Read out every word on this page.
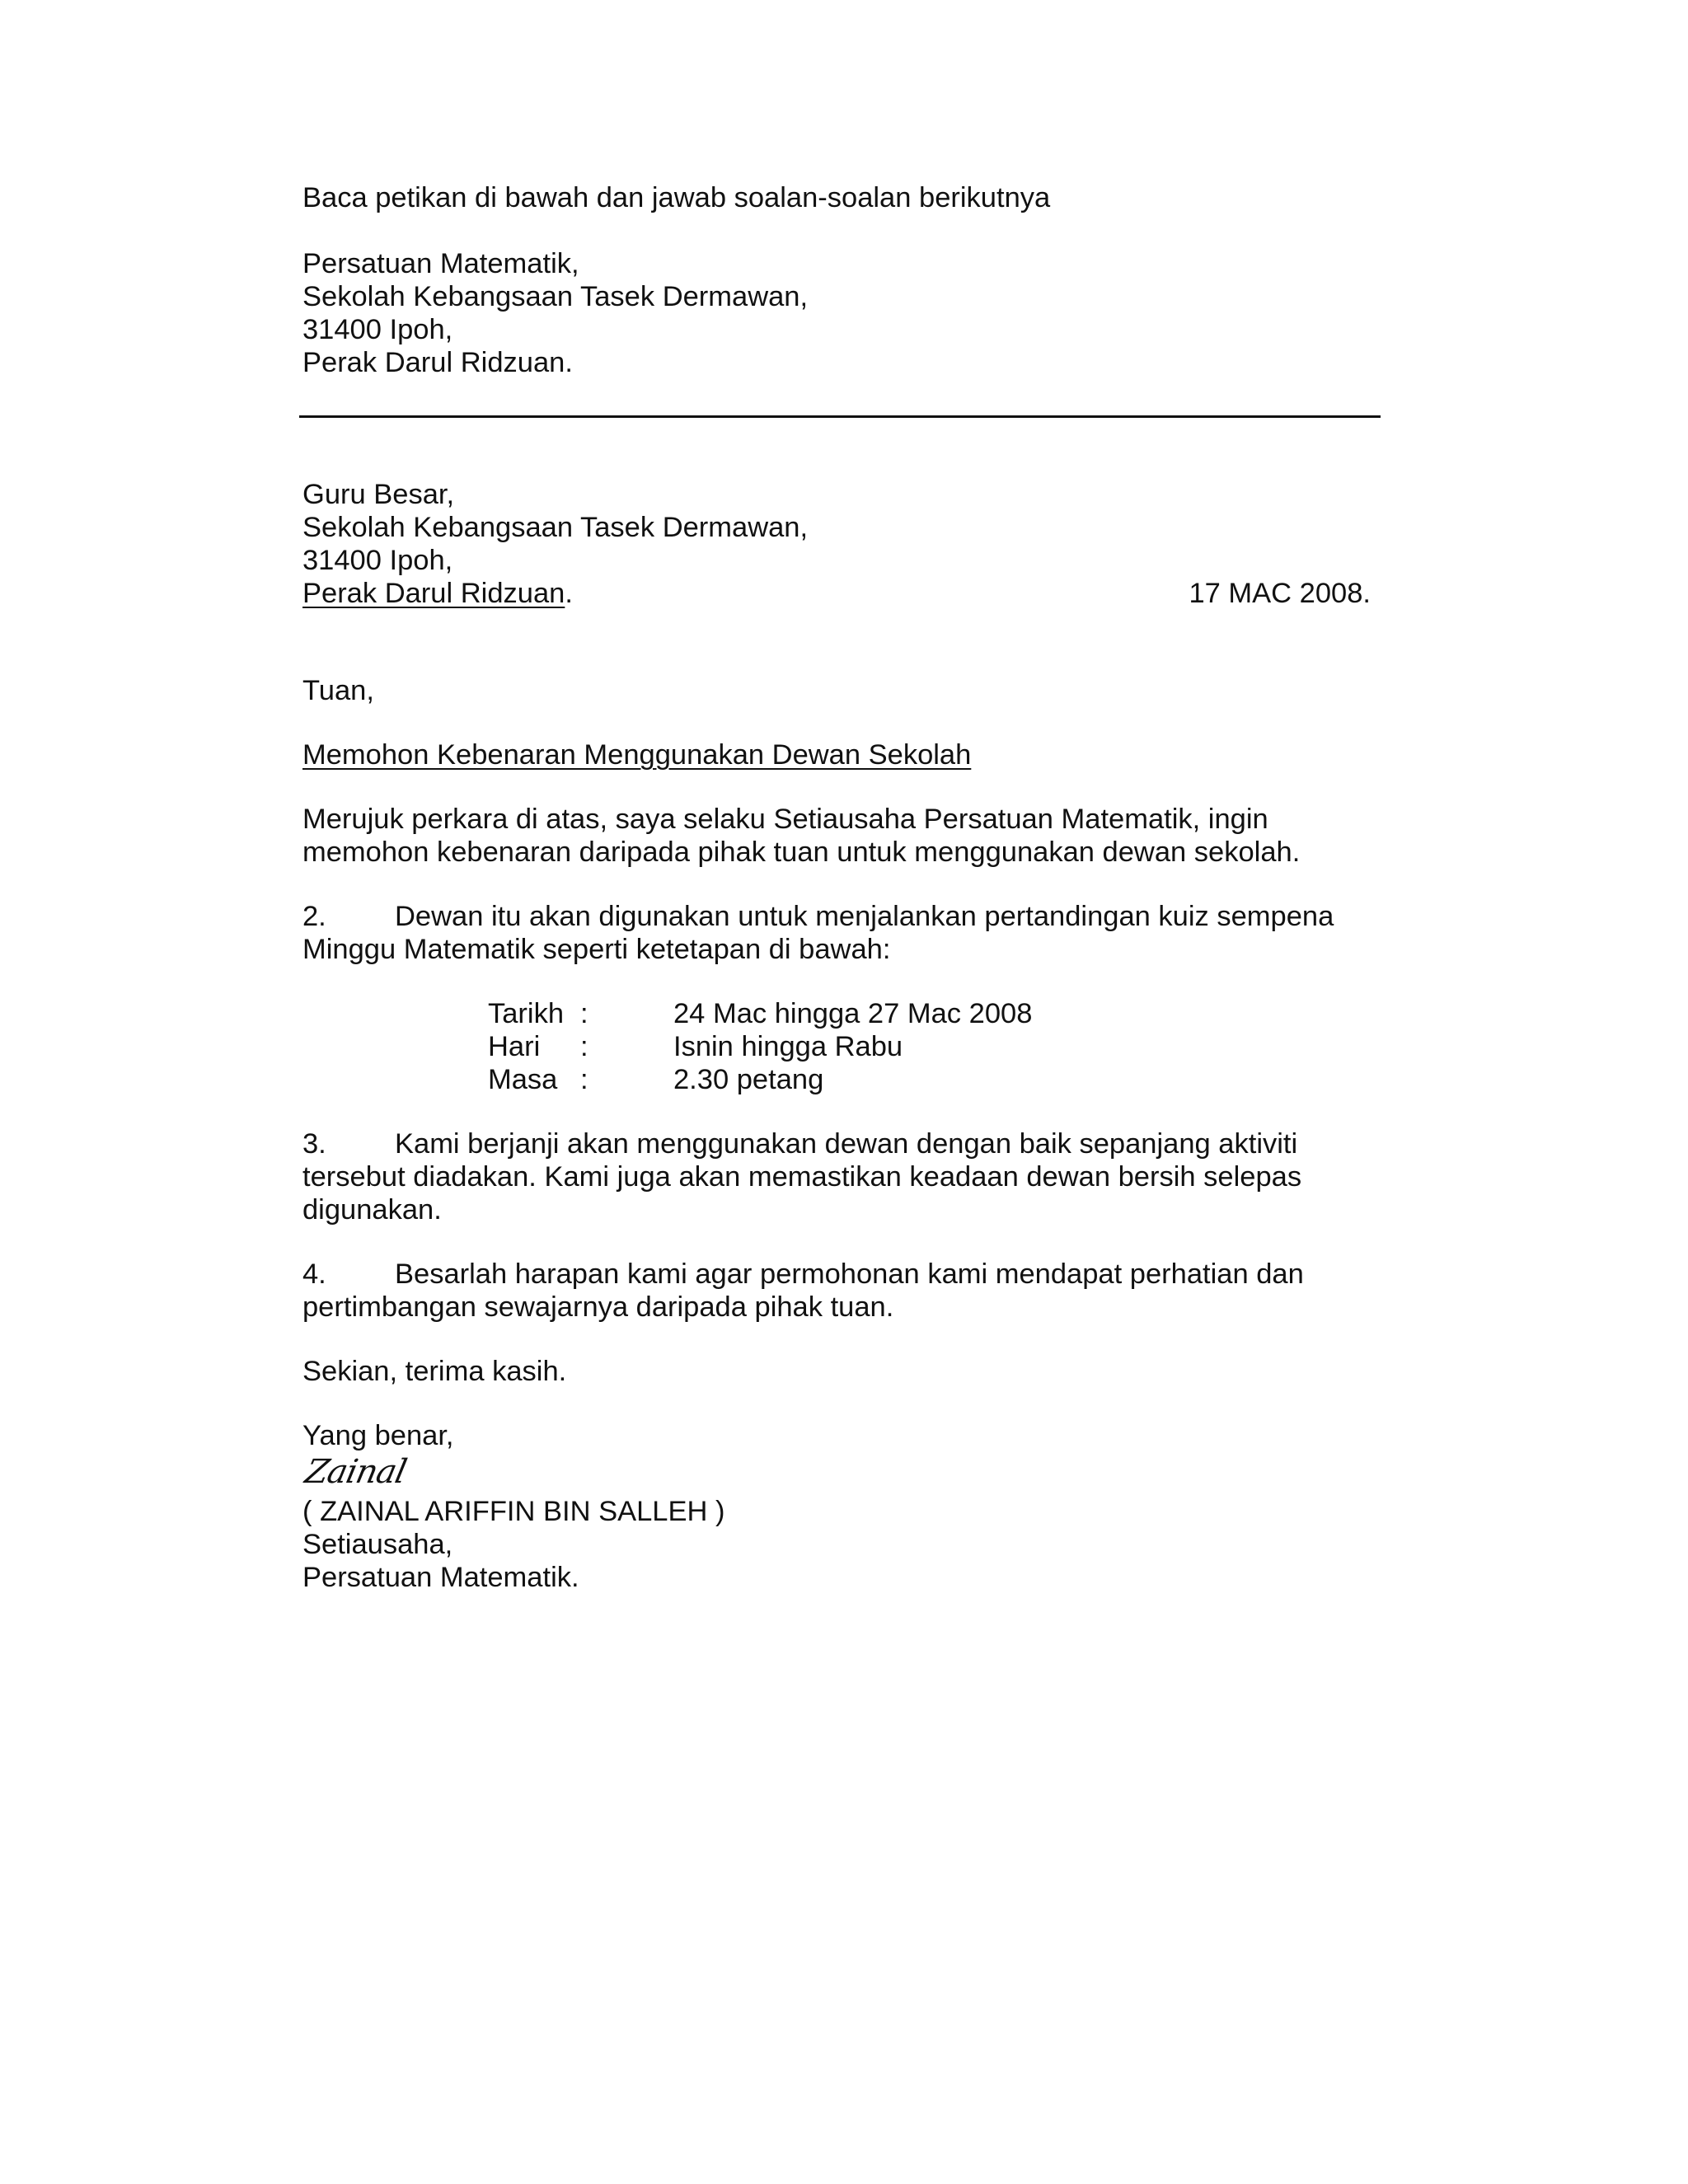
Baca petikan di bawah dan jawab soalan-soalan berikutnya
Persatuan Matematik,
Sekolah Kebangsaan Tasek Dermawan,
31400 Ipoh,
Perak Darul Ridzuan.
Guru Besar,
Sekolah Kebangsaan Tasek Dermawan,
31400 Ipoh,
Perak Darul Ridzuan.	17 MAC 2008.
Tuan,
Memohon Kebenaran Menggunakan Dewan Sekolah
Merujuk perkara di atas, saya selaku Setiausaha Persatuan Matematik, ingin
memohon kebenaran daripada pihak tuan untuk menggunakan dewan sekolah.
2. Dewan itu akan digunakan untuk menjalankan pertandingan kuiz sempena
Minggu Matematik seperti ketetapan di bawah:
Tarikh :	24 Mac hingga 27 Mac 2008
Hari	:	Isnin hingga Rabu
Masa :	2.30 petang
3. Kami berjanji akan menggunakan dewan dengan baik sepanjang aktiviti
tersebut diadakan. Kami juga akan memastikan keadaan dewan bersih selepas
digunakan.
4. Besarlah harapan kami agar permohonan kami mendapat perhatian dan
pertimbangan sewajarnya daripada pihak tuan.
Sekian, terima kasih.
Yang benar,
Zainal
( ZAINAL ARIFFIN BIN SALLEH )
Setiausaha,
Persatuan Matematik.
